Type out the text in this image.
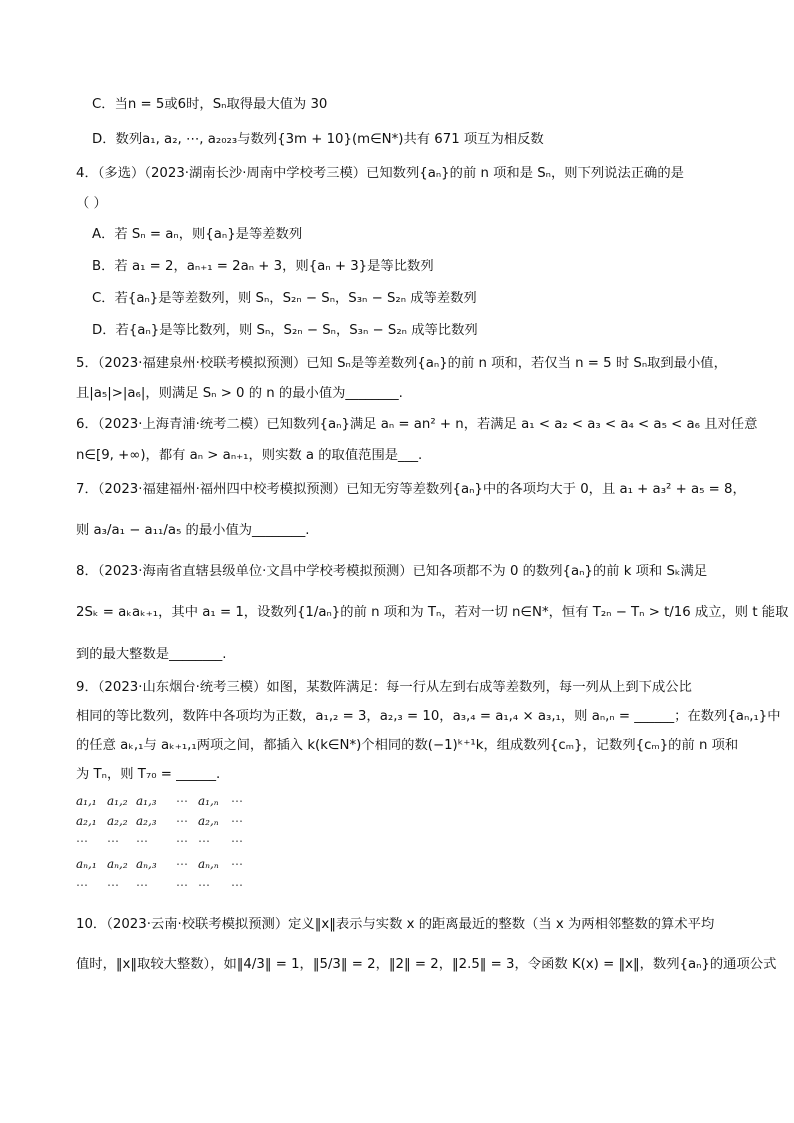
C．当n = 5或6时，Sₙ取得最大值为 30
D．数列a₁, a₂, ⋯, a₂₀₂₃与数列{3m + 10}(m∈N*)共有 671 项互为相反数
4．（多选）（2023·湖南长沙·周南中学校考三模）已知数列{aₙ}的前 n 项和是 Sₙ，则下列说法正确的是
（ ）
A．若 Sₙ = aₙ，则{aₙ}是等差数列
B．若 a₁ = 2，aₙ₊₁ = 2aₙ + 3，则{aₙ + 3}是等比数列
C．若{aₙ}是等差数列，则 Sₙ，S₂ₙ − Sₙ，S₃ₙ − S₂ₙ 成等差数列
D．若{aₙ}是等比数列，则 Sₙ，S₂ₙ − Sₙ，S₃ₙ − S₂ₙ 成等比数列
5．（2023·福建泉州·校联考模拟预测）已知 Sₙ是等差数列{aₙ}的前 n 项和，若仅当 n = 5 时 Sₙ取到最小值，
且|a₅|>|a₆|，则满足 Sₙ > 0 的 n 的最小值为________.
6．（2023·上海青浦·统考二模）已知数列{aₙ}满足 aₙ = an² + n，若满足 a₁ < a₂ < a₃ < a₄ < a₅ < a₆ 且对任意
n∈[9, +∞)，都有 aₙ > aₙ₊₁，则实数 a 的取值范围是___.
7．（2023·福建福州·福州四中校考模拟预测）已知无穷等差数列{aₙ}中的各项均大于 0，且 a₁ + a₃² + a₅ = 8，
则 a₃/a₁ − a₁₁/a₅ 的最小值为________.
8．（2023·海南省直辖县级单位·文昌中学校考模拟预测）已知各项都不为 0 的数列{aₙ}的前 k 项和 Sₖ满足
2Sₖ = aₖaₖ₊₁，其中 a₁ = 1，设数列{1/aₙ}的前 n 项和为 Tₙ，若对一切 n∈N*，恒有 T₂ₙ − Tₙ > t/16 成立，则 t 能取
到的最大整数是________.
9．（2023·山东烟台·统考三模）如图，某数阵满足：每一行从左到右成等差数列，每一列从上到下成公比
相同的等比数列，数阵中各项均为正数，a₁,₂ = 3，a₂,₃ = 10，a₃,₄ = a₁,₄ × a₃,₁，则 aₙ,ₙ = ______；在数列{aₙ,₁}中
的任意 aₖ,₁与 aₖ₊₁,₁两项之间，都插入 k(k∈N*)个相同的数(−1)ᵏ⁺¹k，组成数列{cₘ}，记数列{cₘ}的前 n 项和
为 Tₙ，则 T₇₀ = ______.
10．（2023·云南·校联考模拟预测）定义‖x‖表示与实数 x 的距离最近的整数（当 x 为两相邻整数的算术平均
值时，‖x‖取较大整数），如‖4/3‖ = 1，‖5/3‖ = 2，‖2‖ = 2，‖2.5‖ = 3，令函数 K(x) = ‖x‖，数列{aₙ}的通项公式
a₁,₁ a₁,₂ a₁,₃	⋯ a₁,ₙ	⋯
a₂,₁ a₂,₂ a₂,₃	⋯ a₂,ₙ	⋯
⋯	⋯	⋯	⋯ ⋯	⋯
aₙ,₁ aₙ,₂ aₙ,₃	⋯ aₙ,ₙ	⋯
⋯	⋯	⋯	⋯ ⋯	⋯
